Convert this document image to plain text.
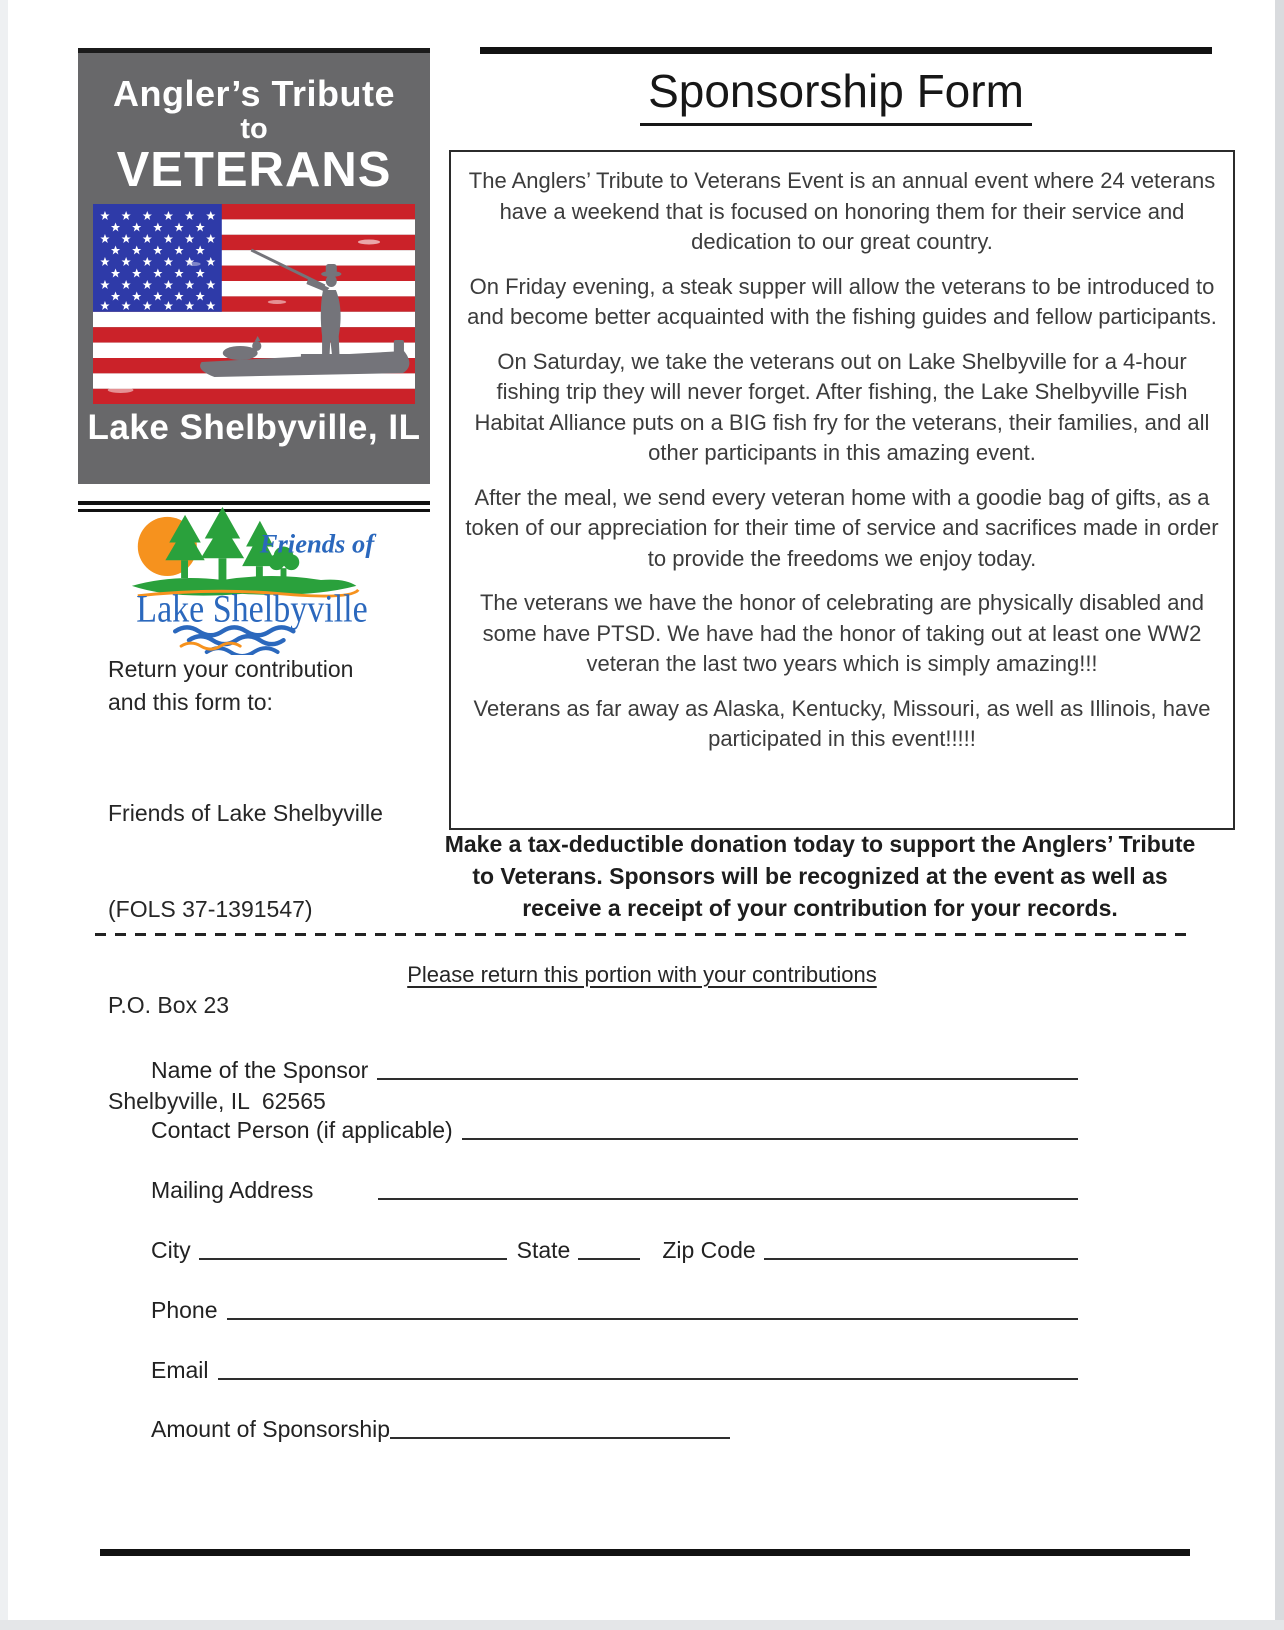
Angler’s Tribute
to
VETERANS
Lake Shelbyville, IL
Friends of
Lake Shelbyville
Return your contribution
and this form to:

Friends of Lake Shelbyville

(FOLS 37-1391547)

P.O. Box 23

Shelbyville, IL  62565

Sponsorship Form

The Anglers’ Tribute to Veterans Event is an annual event where 24 veterans have a weekend that is focused on honoring them for their service and dedication to our great country.

On Friday evening, a steak supper will allow the veterans to be introduced to and become better acquainted with the fishing guides and fellow participants.

On Saturday, we take the veterans out on Lake Shelbyville for a 4-hour fishing trip they will never forget. After fishing, the Lake Shelbyville Fish Habitat Alliance puts on a BIG fish fry for the veterans, their families, and all other participants in this amazing event.

After the meal, we send every veteran home with a goodie bag of gifts, as a token of our appreciation for their time of service and sacrifices made in order to provide the freedoms we enjoy today.

The veterans we have the honor of celebrating are physically disabled and some have PTSD. We have had the honor of taking out at least one WW2 veteran the last two years which is simply amazing!!!

Veterans as far away as Alaska, Kentucky, Missouri, as well as Illinois, have participated in this event!!!!!

Make a tax-deductible donation today to support the Anglers’ Tribute to Veterans. Sponsors will be recognized at the event as well as receive a receipt of your contribution for your records.
Please return this portion with your contributions
Name of the Sponsor
Contact Person (if applicable)
Mailing Address
City	State	Zip Code
Phone
Email
Amount of Sponsorship
